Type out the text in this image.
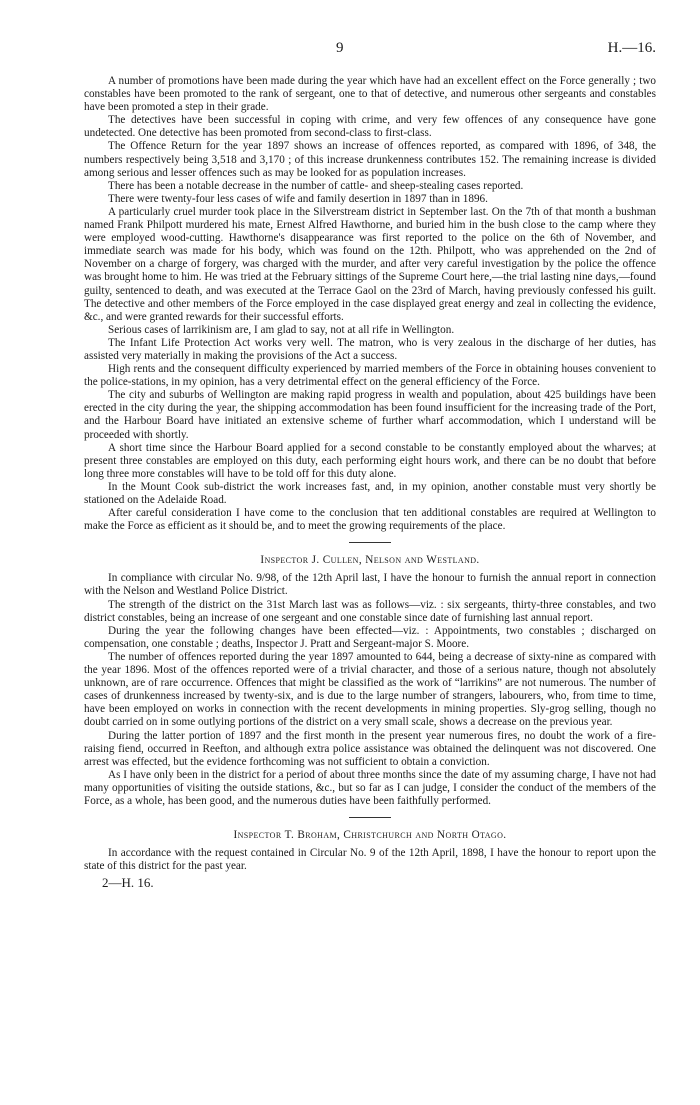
9	H.—16.

A number of promotions have been made during the year which have had an excellent effect on the Force generally ; two constables have been promoted to the rank of sergeant, one to that of detective, and numerous other sergeants and constables have been promoted a step in their grade.

The detectives have been successful in coping with crime, and very few offences of any consequence have gone undetected. One detective has been promoted from second-class to first-class.

The Offence Return for the year 1897 shows an increase of offences reported, as compared with 1896, of 348, the numbers respectively being 3,518 and 3,170 ; of this increase drunkenness contributes 152. The remaining increase is divided among serious and lesser offences such as may be looked for as population increases.

There has been a notable decrease in the number of cattle- and sheep-stealing cases reported.

There were twenty-four less cases of wife and family desertion in 1897 than in 1896.

A particularly cruel murder took place in the Silverstream district in September last. On the 7th of that month a bushman named Frank Philpott murdered his mate, Ernest Alfred Hawthorne, and buried him in the bush close to the camp where they were employed wood-cutting. Hawthorne's disappearance was first reported to the police on the 6th of November, and immediate search was made for his body, which was found on the 12th. Philpott, who was apprehended on the 2nd of November on a charge of forgery, was charged with the murder, and after very careful investigation by the police the offence was brought home to him. He was tried at the February sittings of the Supreme Court here,—the trial lasting nine days,—found guilty, sentenced to death, and was executed at the Terrace Gaol on the 23rd of March, having previously confessed his guilt. The detective and other members of the Force employed in the case displayed great energy and zeal in collecting the evidence, &c., and were granted rewards for their successful efforts.

Serious cases of larrikinism are, I am glad to say, not at all rife in Wellington.

The Infant Life Protection Act works very well. The matron, who is very zealous in the discharge of her duties, has assisted very materially in making the provisions of the Act a success.

High rents and the consequent difficulty experienced by married members of the Force in obtaining houses convenient to the police-stations, in my opinion, has a very detrimental effect on the general efficiency of the Force.

The city and suburbs of Wellington are making rapid progress in wealth and population, about 425 buildings have been erected in the city during the year, the shipping accommodation has been found insufficient for the increasing trade of the Port, and the Harbour Board have initiated an extensive scheme of further wharf accommodation, which I understand will be proceeded with shortly.

A short time since the Harbour Board applied for a second constable to be constantly employed about the wharves; at present three constables are employed on this duty, each performing eight hours work, and there can be no doubt that before long three more constables will have to be told off for this duty alone.

In the Mount Cook sub-district the work increases fast, and, in my opinion, another constable must very shortly be stationed on the Adelaide Road.

After careful consideration I have come to the conclusion that ten additional constables are required at Wellington to make the Force as efficient as it should be, and to meet the growing requirements of the place.

Inspector J. Cullen, Nelson and Westland.

In compliance with circular No. 9/98, of the 12th April last, I have the honour to furnish the annual report in connection with the Nelson and Westland Police District.

The strength of the district on the 31st March last was as follows—viz. : six sergeants, thirty-three constables, and two district constables, being an increase of one sergeant and one constable since date of furnishing last annual report.

During the year the following changes have been effected—viz. : Appointments, two constables ; discharged on compensation, one constable ; deaths, Inspector J. Pratt and Sergeant-major S. Moore.

The number of offences reported during the year 1897 amounted to 644, being a decrease of sixty-nine as compared with the year 1896. Most of the offences reported were of a trivial character, and those of a serious nature, though not absolutely unknown, are of rare occurrence. Offences that might be classified as the work of “larrikins” are not numerous. The number of cases of drunkenness increased by twenty-six, and is due to the large number of strangers, labourers, who, from time to time, have been employed on works in connection with the recent developments in mining properties. Sly-grog selling, though no doubt carried on in some outlying portions of the district on a very small scale, shows a decrease on the previous year.

During the latter portion of 1897 and the first month in the present year numerous fires, no doubt the work of a fire-raising fiend, occurred in Reefton, and although extra police assistance was obtained the delinquent was not discovered. One arrest was effected, but the evidence forthcoming was not sufficient to obtain a conviction.

As I have only been in the district for a period of about three months since the date of my assuming charge, I have not had many opportunities of visiting the outside stations, &c., but so far as I can judge, I consider the conduct of the members of the Force, as a whole, has been good, and the numerous duties have been faithfully performed.

Inspector T. Broham, Christchurch and North Otago.

In accordance with the request contained in Circular No. 9 of the 12th April, 1898, I have the honour to report upon the state of this district for the past year.

2—H. 16.
